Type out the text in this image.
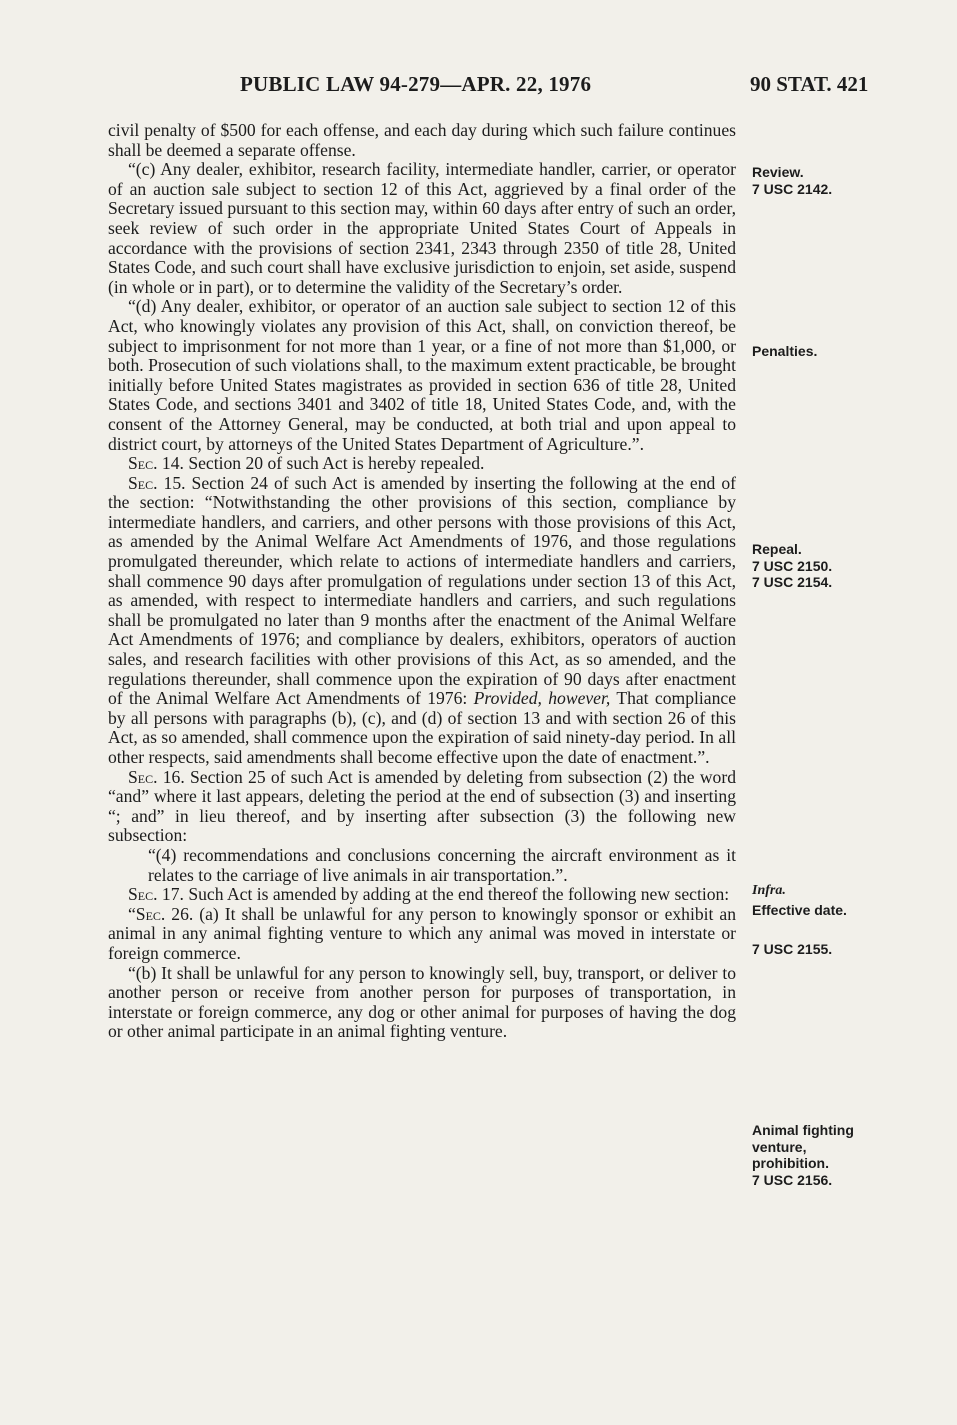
PUBLIC LAW 94-279—APR. 22, 1976	90 STAT. 421

civil penalty of $500 for each offense, and each day during which such failure continues shall be deemed a separate offense.

“(c) Any dealer, exhibitor, research facility, intermediate handler, carrier, or operator of an auction sale subject to section 12 of this Act, aggrieved by a final order of the Secretary issued pursuant to this section may, within 60 days after entry of such an order, seek review of such order in the appropriate United States Court of Appeals in accordance with the provisions of section 2341, 2343 through 2350 of title 28, United States Code, and such court shall have exclusive jurisdiction to enjoin, set aside, suspend (in whole or in part), or to determine the validity of the Secretary’s order.

“(d) Any dealer, exhibitor, or operator of an auction sale subject to section 12 of this Act, who knowingly violates any provision of this Act, shall, on conviction thereof, be subject to imprisonment for not more than 1 year, or a fine of not more than $1,000, or both. Prosecution of such violations shall, to the maximum extent practicable, be brought initially before United States magistrates as provided in section 636 of title 28, United States Code, and sections 3401 and 3402 of title 18, United States Code, and, with the consent of the Attorney General, may be conducted, at both trial and upon appeal to district court, by attorneys of the United States Department of Agriculture.”.

Sec. 14. Section 20 of such Act is hereby repealed.

Sec. 15. Section 24 of such Act is amended by inserting the following at the end of the section: “Notwithstanding the other provisions of this section, compliance by intermediate handlers, and carriers, and other persons with those provisions of this Act, as amended by the Animal Welfare Act Amendments of 1976, and those regulations promulgated thereunder, which relate to actions of intermediate handlers and carriers, shall commence 90 days after promulgation of regulations under section 13 of this Act, as amended, with respect to intermediate handlers and carriers, and such regulations shall be promulgated no later than 9 months after the enactment of the Animal Welfare Act Amendments of 1976; and compliance by dealers, exhibitors, operators of auction sales, and research facilities with other provisions of this Act, as so amended, and the regulations thereunder, shall commence upon the expiration of 90 days after enactment of the Animal Welfare Act Amendments of 1976: Provided, however, That compliance by all persons with paragraphs (b), (c), and (d) of section 13 and with section 26 of this Act, as so amended, shall commence upon the expiration of said ninety-day period. In all other respects, said amendments shall become effective upon the date of enactment.”.

Sec. 16. Section 25 of such Act is amended by deleting from subsection (2) the word “and” where it last appears, deleting the period at the end of subsection (3) and inserting “; and” in lieu thereof, and by inserting after subsection (3) the following new subsection:

“(4) recommendations and conclusions concerning the aircraft environment as it relates to the carriage of live animals in air transportation.”.

Sec. 17. Such Act is amended by adding at the end thereof the following new section:

“Sec. 26. (a) It shall be unlawful for any person to knowingly sponsor or exhibit an animal in any animal fighting venture to which any animal was moved in interstate or foreign commerce.

“(b) It shall be unlawful for any person to knowingly sell, buy, transport, or deliver to another person or receive from another person for purposes of transportation, in interstate or foreign commerce, any dog or other animal for purposes of having the dog or other animal participate in an animal fighting venture.

Review.
7 USC 2142.
Penalties.
Repeal.
7 USC 2150.
7 USC 2154.
Infra.
Effective date.
7 USC 2155.
Animal fighting
venture,
prohibition.
7 USC 2156.
